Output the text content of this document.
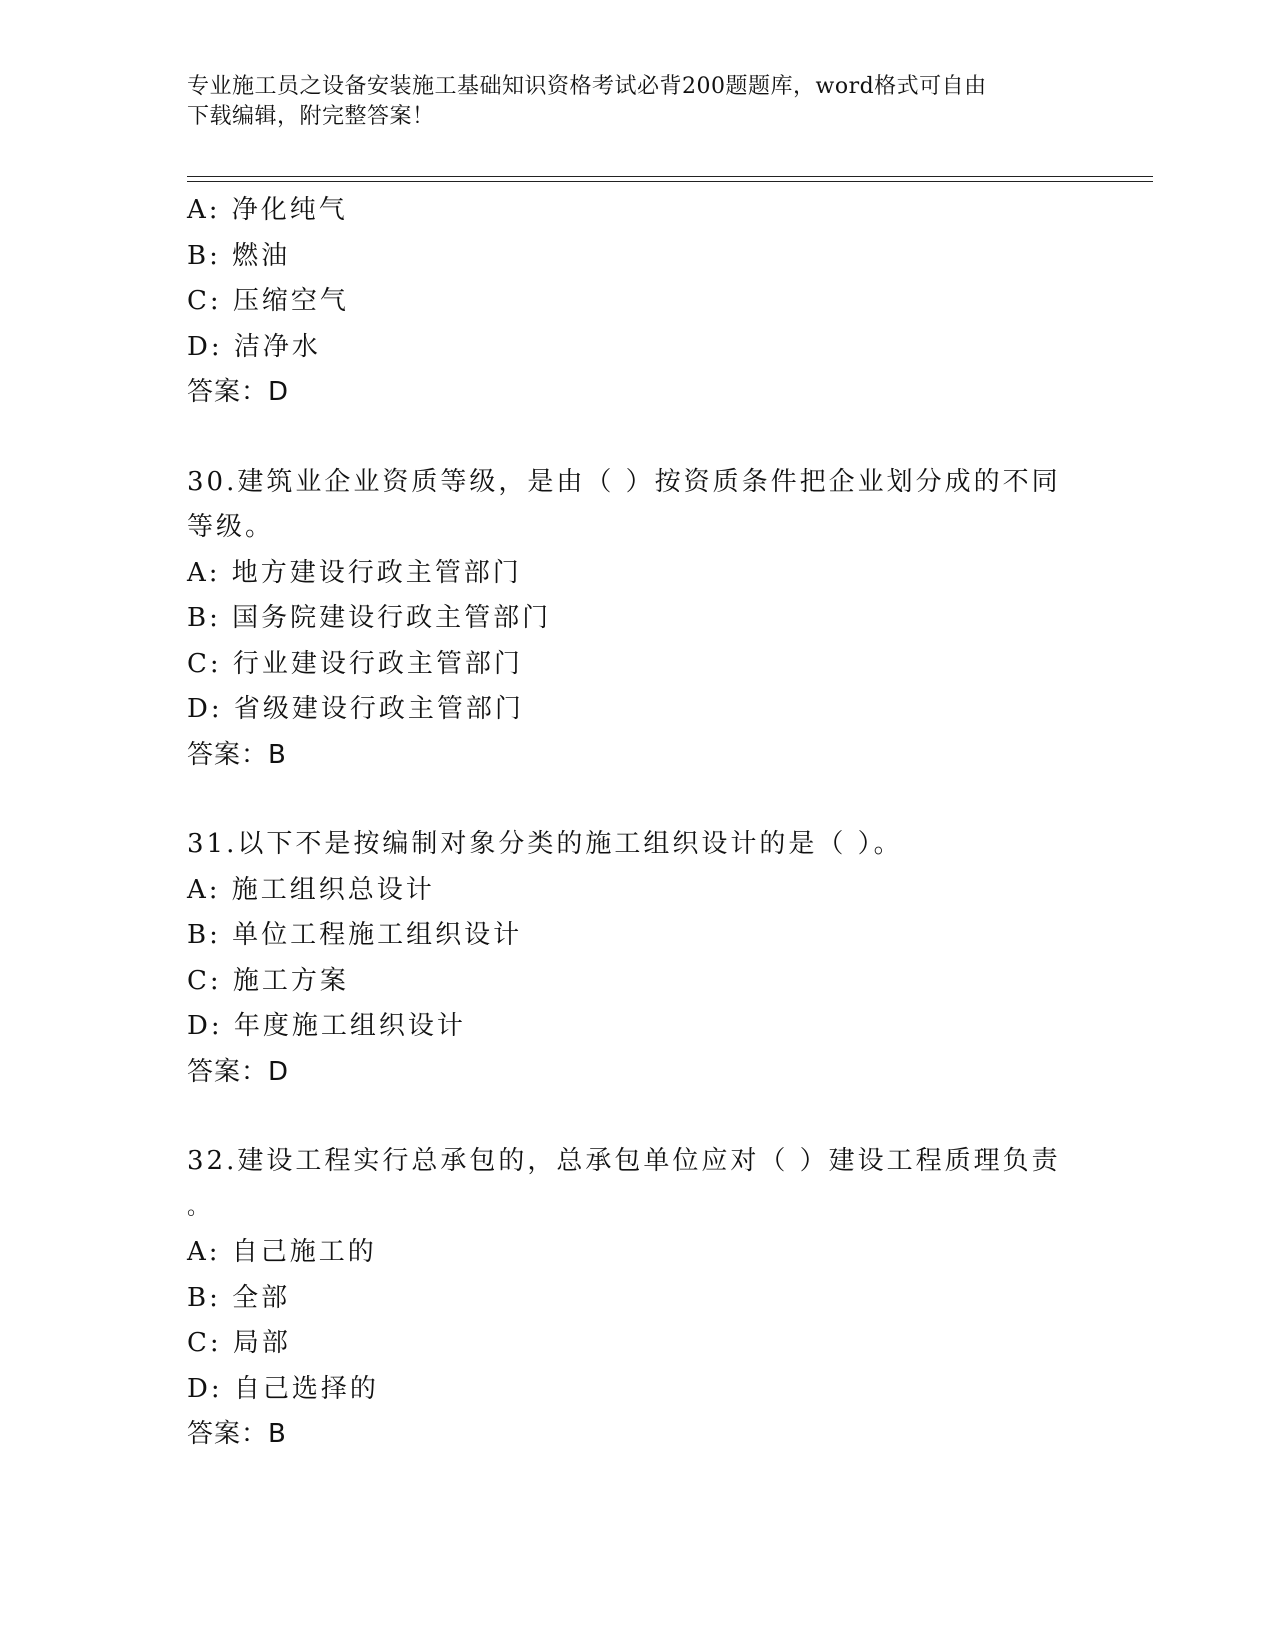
专业施工员之设备安装施工基础知识资格考试必背200题题库，word格式可自由
下载编辑，附完整答案！
A: 净化纯气
B: 燃油
C: 压缩空气
D: 洁净水
答案：D
30.建筑业企业资质等级，是由（ ）按资质条件把企业划分成的不同
等级。
A: 地方建设行政主管部门
B: 国务院建设行政主管部门
C: 行业建设行政主管部门
D: 省级建设行政主管部门
答案：B
31.以下不是按编制对象分类的施工组织设计的是（ ）。
A: 施工组织总设计
B: 单位工程施工组织设计
C: 施工方案
D: 年度施工组织设计
答案：D
32.建设工程实行总承包的，总承包单位应对（ ）建设工程质理负责
。
A: 自己施工的
B: 全部
C: 局部
D: 自己选择的
答案：B
